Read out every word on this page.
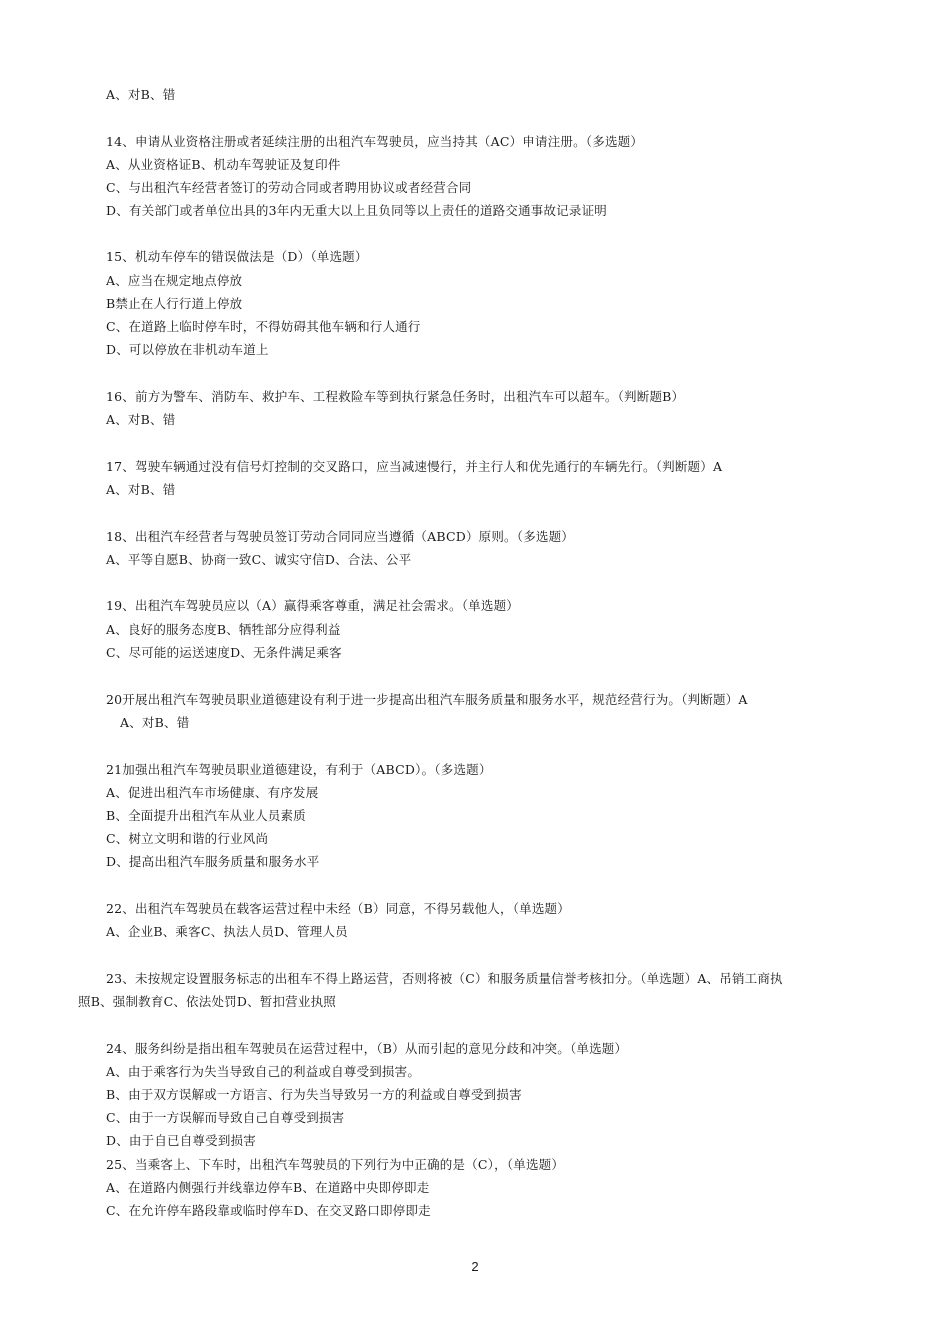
A、对B、错
14、申请从业资格注册或者延续注册的出租汽车驾驶员，应当持其（AC）申请注册。（多选题）
A、从业资格证B、机动车驾驶证及复印件
C、与出租汽车经营者签订的劳动合同或者聘用协议或者经营合同
D、有关部门或者单位出具的3年内无重大以上且负同等以上责任的道路交通事故记录证明
15、机动车停车的错误做法是（D）（单选题）
A、应当在规定地点停放
B禁止在人行行道上停放
C、在道路上临时停车时，不得妨碍其他车辆和行人通行
D、可以停放在非机动车道上
16、前方为警车、消防车、救护车、工程救险车等到执行紧急任务时，出租汽车可以超车。（判断题B）
A、对B、错
17、驾驶车辆通过没有信号灯控制的交叉路口，应当减速慢行，并主行人和优先通行的车辆先行。（判断题）A
A、对B、错
18、出租汽车经营者与驾驶员签订劳动合同同应当遵循（ABCD）原则。（多选题）
A、平等自愿B、协商一致C、诚实守信D、合法、公平
19、出租汽车驾驶员应以（A）赢得乘客尊重，满足社会需求。（单选题）
A、良好的服务态度B、牺牲部分应得利益
C、尽可能的运送速度D、无条件满足乘客
20开展出租汽车驾驶员职业道德建设有利于进一步提高出租汽车服务质量和服务水平，规范经营行为。（判断题）A
A、对B、错
21加强出租汽车驾驶员职业道德建设，有利于（ABCD）。（多选题）
A、促进出租汽车市场健康、有序发展
B、全面提升出租汽车从业人员素质
C、树立文明和谐的行业风尚
D、提高出租汽车服务质量和服务水平
22、出租汽车驾驶员在载客运营过程中未经（B）同意，不得另载他人，（单选题）
A、企业B、乘客C、执法人员D、管理人员
23、未按规定设置服务标志的出租车不得上路运营，否则将被（C）和服务质量信誉考核扣分。（单选题）A、吊销工商执
照B、强制教育C、依法处罚D、暂扣营业执照
24、服务纠纷是指出租车驾驶员在运营过程中，（B）从而引起的意见分歧和冲突。（单选题）
A、由于乘客行为失当导致自己的利益或自尊受到损害。
B、由于双方误解或一方语言、行为失当导致另一方的利益或自尊受到损害
C、由于一方误解而导致自己自尊受到损害
D、由于自已自尊受到损害
25、当乘客上、下车时，出租汽车驾驶员的下列行为中正确的是（C），（单选题）
A、在道路内侧强行并线靠边停车B、在道路中央即停即走
C、在允许停车路段靠或临时停车D、在交叉路口即停即走
2
